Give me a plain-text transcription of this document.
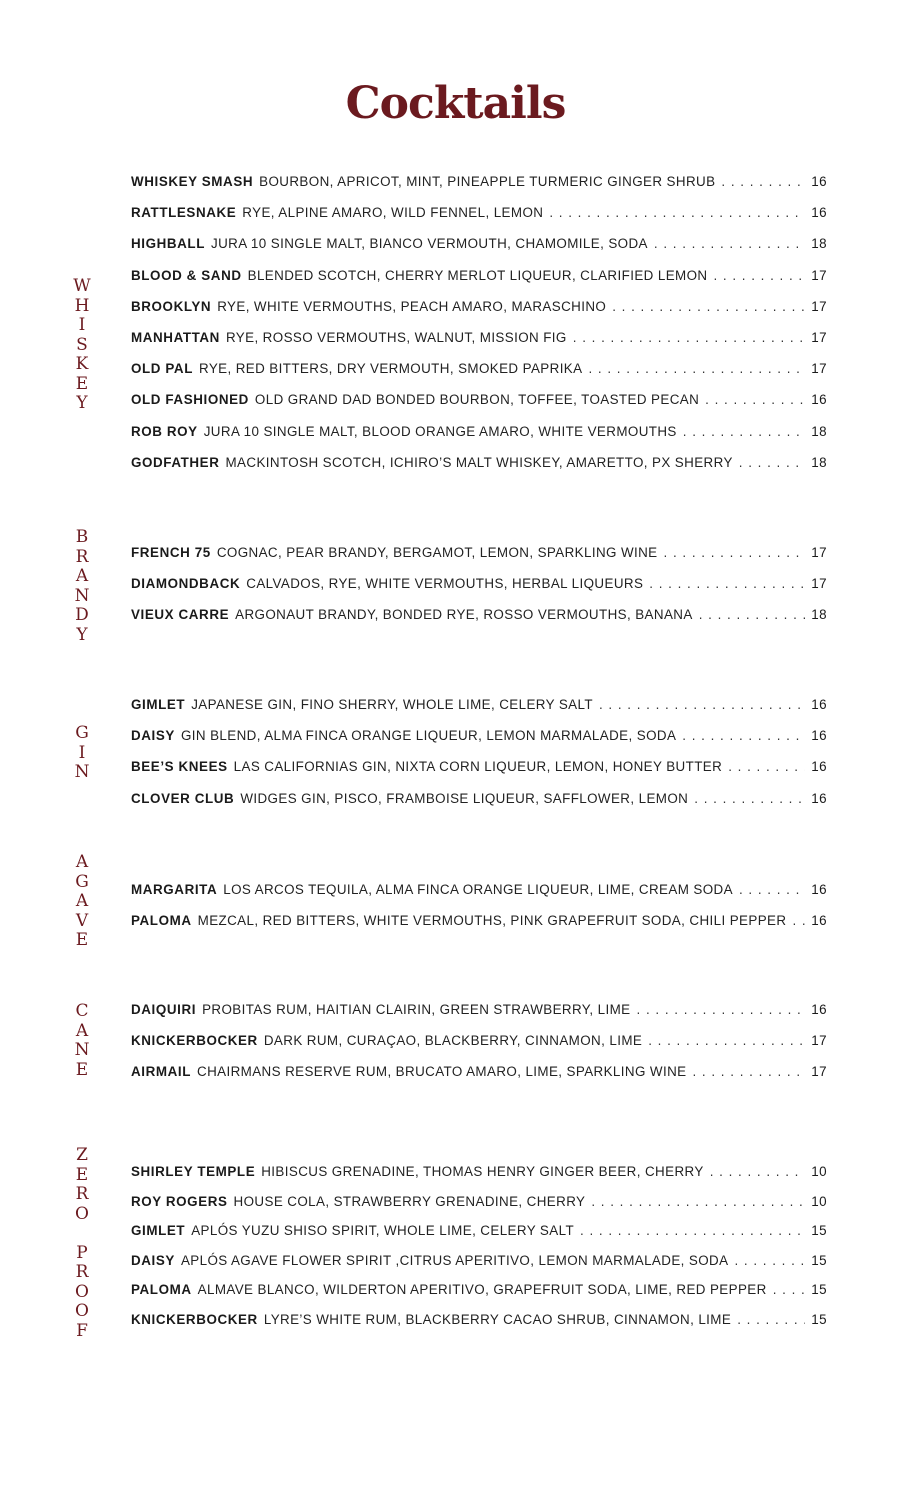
Cocktails
W
H
I
S
K
E
Y
WHISKEY SMASH BOURBON, APRICOT, MINT, PINEAPPLE TURMERIC GINGER SHRUB . . .	16
RATTLESNAKE RYE, ALPINE AMARO, WILD FENNEL, LEMON . . .	16
HIGHBALL JURA 10 SINGLE MALT, BIANCO VERMOUTH, CHAMOMILE, SODA . . .	18
BLOOD & SAND BLENDED SCOTCH, CHERRY MERLOT LIQUEUR, CLARIFIED LEMON . . .	17
BROOKLYN RYE, WHITE VERMOUTHS, PEACH AMARO, MARASCHINO . . .	17
MANHATTAN RYE, ROSSO VERMOUTHS, WALNUT, MISSION FIG . . .	17
OLD PAL RYE, RED BITTERS, DRY VERMOUTH, SMOKED PAPRIKA . . .	17
OLD FASHIONED OLD GRAND DAD BONDED BOURBON, TOFFEE, TOASTED PECAN . . .	16
ROB ROY JURA 10 SINGLE MALT, BLOOD ORANGE AMARO, WHITE VERMOUTHS . . .	18
GODFATHER MACKINTOSH SCOTCH, ICHIRO’S MALT WHISKEY, AMARETTO, PX SHERRY . . .	18
B
R
A
N
D
Y
FRENCH 75 COGNAC, PEAR BRANDY, BERGAMOT, LEMON, SPARKLING WINE . . .	17
DIAMONDBACK CALVADOS, RYE, WHITE VERMOUTHS, HERBAL LIQUEURS . . .	17
VIEUX CARRE ARGONAUT BRANDY, BONDED RYE, ROSSO VERMOUTHS, BANANA . . .	18
G
I
N
GIMLET JAPANESE GIN, FINO SHERRY, WHOLE LIME, CELERY SALT . . .	16
DAISY GIN BLEND, ALMA FINCA ORANGE LIQUEUR, LEMON MARMALADE, SODA . . .	16
BEE’S KNEES LAS CALIFORNIAS GIN, NIXTA CORN LIQUEUR, LEMON, HONEY BUTTER . . .	16
CLOVER CLUB WIDGES GIN, PISCO, FRAMBOISE LIQUEUR, SAFFLOWER, LEMON . . .	16
A
G
A
V
E
MARGARITA LOS ARCOS TEQUILA, ALMA FINCA ORANGE LIQUEUR, LIME, CREAM SODA . . .	16
PALOMA MEZCAL, RED BITTERS, WHITE VERMOUTHS, PINK GRAPEFRUIT SODA, CHILI PEPPER . . . 16
C
A
N
E
DAIQUIRI PROBITAS RUM, HAITIAN CLAIRIN, GREEN STRAWBERRY, LIME . . .	16
KNICKERBOCKER DARK RUM, CURAÇAO, BLACKBERRY, CINNAMON, LIME . . .	17
AIRMAIL CHAIRMANS RESERVE RUM, BRUCATO AMARO, LIME, SPARKLING WINE . . .	17
Z
E
R
O

P
R
O
O
F
SHIRLEY TEMPLE HIBISCUS GRENADINE, THOMAS HENRY GINGER BEER, CHERRY . . .	10
ROY ROGERS HOUSE COLA, STRAWBERRY GRENADINE, CHERRY . . .	10
GIMLET APLÓS YUZU SHISO SPIRIT, WHOLE LIME, CELERY SALT . . .	15
DAISY APLÓS AGAVE FLOWER SPIRIT ,CITRUS APERITIVO, LEMON MARMALADE, SODA . . .	15
PALOMA ALMAVE BLANCO, WILDERTON APERITIVO, GRAPEFRUIT SODA, LIME, RED PEPPER . . .	15
KNICKERBOCKER LYRE’S WHITE RUM, BLACKBERRY CACAO SHRUB, CINNAMON, LIME . . .	15
